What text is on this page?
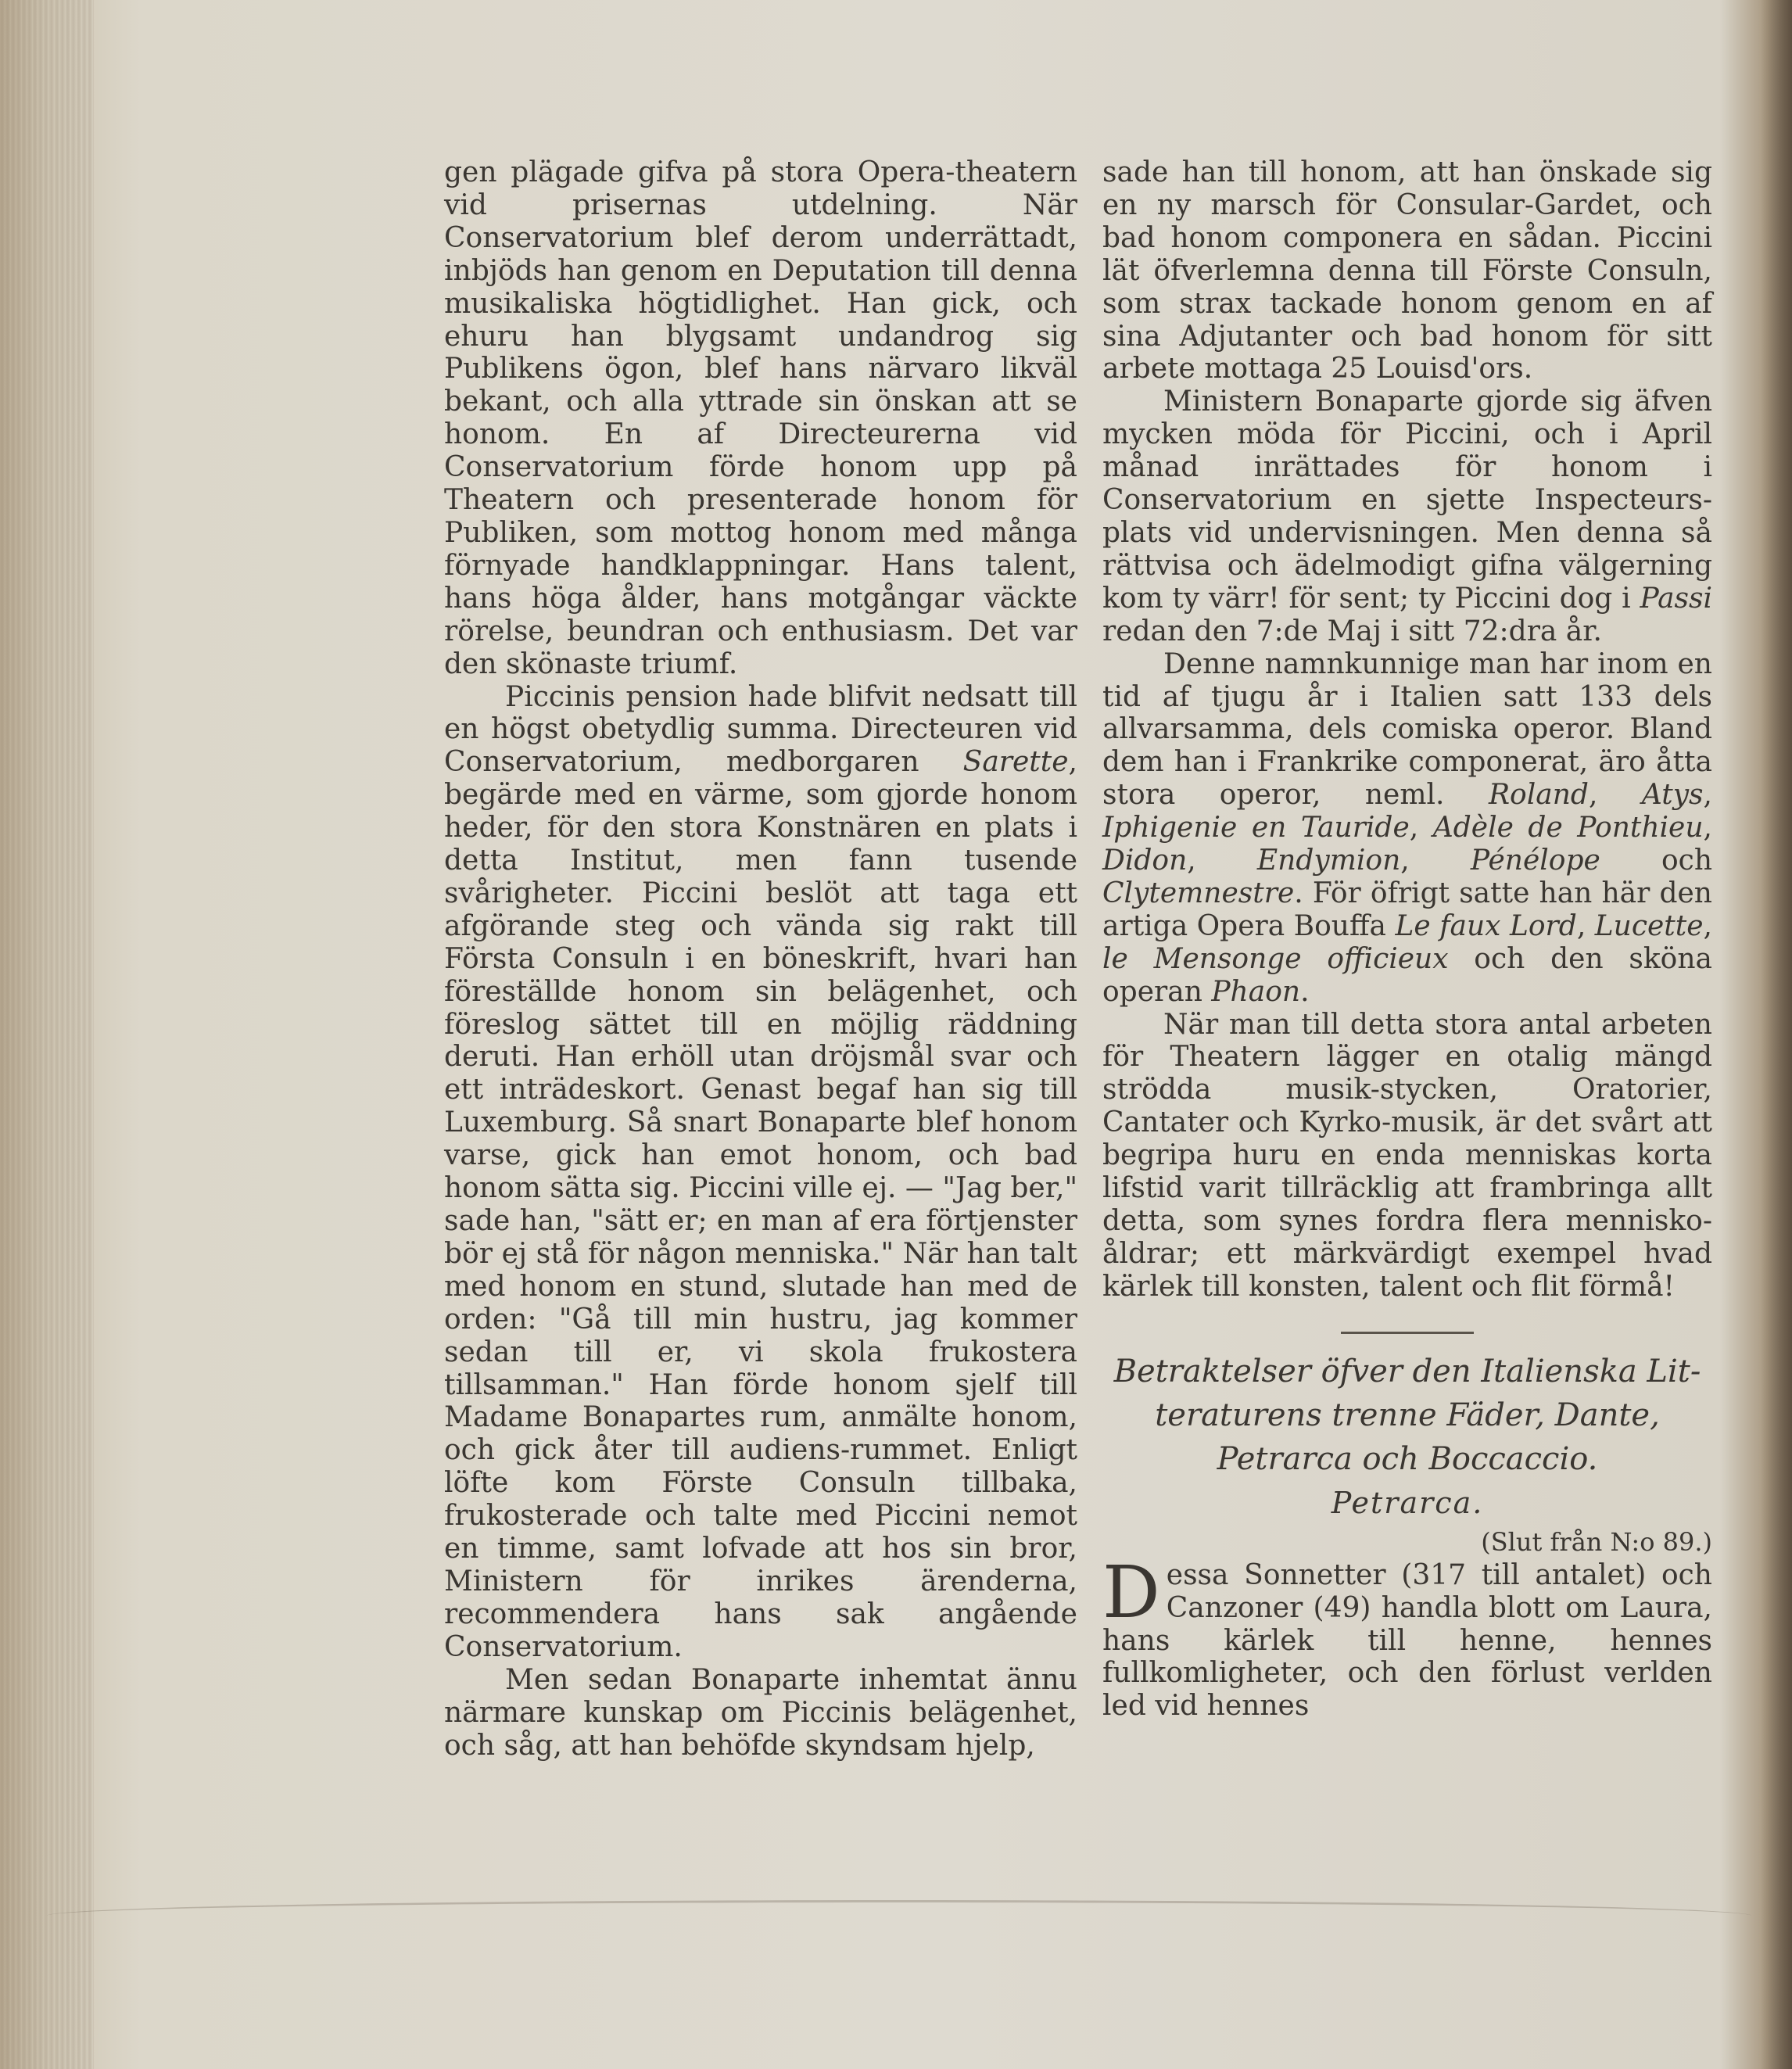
gen plägade gifva på stora Opera-theatern vid prisernas utdelning. När Conservatorium blef derom underrättadt, inbjöds han genom en Deputation till denna musikaliska högtidlighet. Han gick, och ehuru han blygsamt undandrog sig Publikens ögon, blef hans närvaro likväl bekant, och alla yttrade sin önskan att se honom. En af Directeurerna vid Conservatorium förde honom upp på Theatern och presenterade honom för Publiken, som mottog honom med många förnyade handklappningar. Hans talent, hans höga ålder, hans motgångar väckte rörelse, beundran och enthusiasm. Det var den skönaste triumf.

Piccinis pension hade blifvit nedsatt till en högst obetydlig summa. Directeuren vid Conservatorium, medborgaren Sarette, begärde med en värme, som gjorde honom heder, för den stora Konstnären en plats i detta Institut, men fann tusende svårigheter. Piccini beslöt att taga ett afgörande steg och vända sig rakt till Första Consuln i en böneskrift, hvari han föreställde honom sin belägenhet, och föreslog sättet till en möjlig räddning deruti. Han erhöll utan dröjsmål svar och ett inträdeskort. Genast begaf han sig till Luxemburg. Så snart Bonaparte blef honom varse, gick han emot honom, och bad honom sätta sig. Piccini ville ej. — "Jag ber," sade han, "sätt er; en man af era förtjenster bör ej stå för någon menniska." När han talt med honom en stund, slutade han med de orden: "Gå till min hustru, jag kommer sedan till er, vi skola frukostera tillsamman." Han förde honom sjelf till Madame Bonapartes rum, anmälte honom, och gick åter till audiens-rummet. Enligt löfte kom Förste Consuln tillbaka, frukosterade och talte med Piccini nemot en timme, samt lofvade att hos sin bror, Ministern för inrikes ärenderna, recommendera hans sak angående Conservatorium.

Men sedan Bonaparte inhemtat ännu närmare kunskap om Piccinis belägenhet, och såg, att han behöfde skyndsam hjelp,

sade han till honom, att han önskade sig en ny marsch för Consular-Gardet, och bad honom componera en sådan. Piccini lät öfverlemna denna till Förste Consuln, som strax tackade honom genom en af sina Adjutanter och bad honom för sitt arbete mottaga 25 Louisd'ors.

Ministern Bonaparte gjorde sig äfven mycken möda för Piccini, och i April månad inrättades för honom i Conservatorium en sjette Inspecteurs-plats vid undervisningen. Men denna så rättvisa och ädelmodigt gifna välgerning kom ty värr! för sent; ty Piccini dog i Passi redan den 7:de Maj i sitt 72:dra år.

Denne namnkunnige man har inom en tid af tjugu år i Italien satt 133 dels allvarsamma, dels comiska operor. Bland dem han i Frankrike componerat, äro åtta stora operor, neml. Roland, Atys, Iphigenie en Tauride, Adèle de Ponthieu, Didon, Endymion, Pénélope och Clytemnestre. För öfrigt satte han här den artiga Opera Bouffa Le faux Lord, Lucette, le Mensonge officieux och den sköna operan Phaon.

När man till detta stora antal arbeten för Theatern lägger en otalig mängd strödda musik-stycken, Oratorier, Cantater och Kyrko-musik, är det svårt att begripa huru en enda menniskas korta lifstid varit tillräcklig att frambringa allt detta, som synes fordra flera mennisko-åldrar; ett märkvärdigt exempel hvad kärlek till konsten, talent och flit förmå!

Betraktelser öfver den Italienska Lit-

teraturens trenne Fäder, Dante,

Petrarca och Boccaccio.

Petrarca.

(Slut från N:o 89.)

Dessa Sonnetter (317 till antalet) och Canzoner (49) handla blott om Laura, hans kärlek till henne, hennes fullkomligheter, och den förlust verlden led vid hennes
